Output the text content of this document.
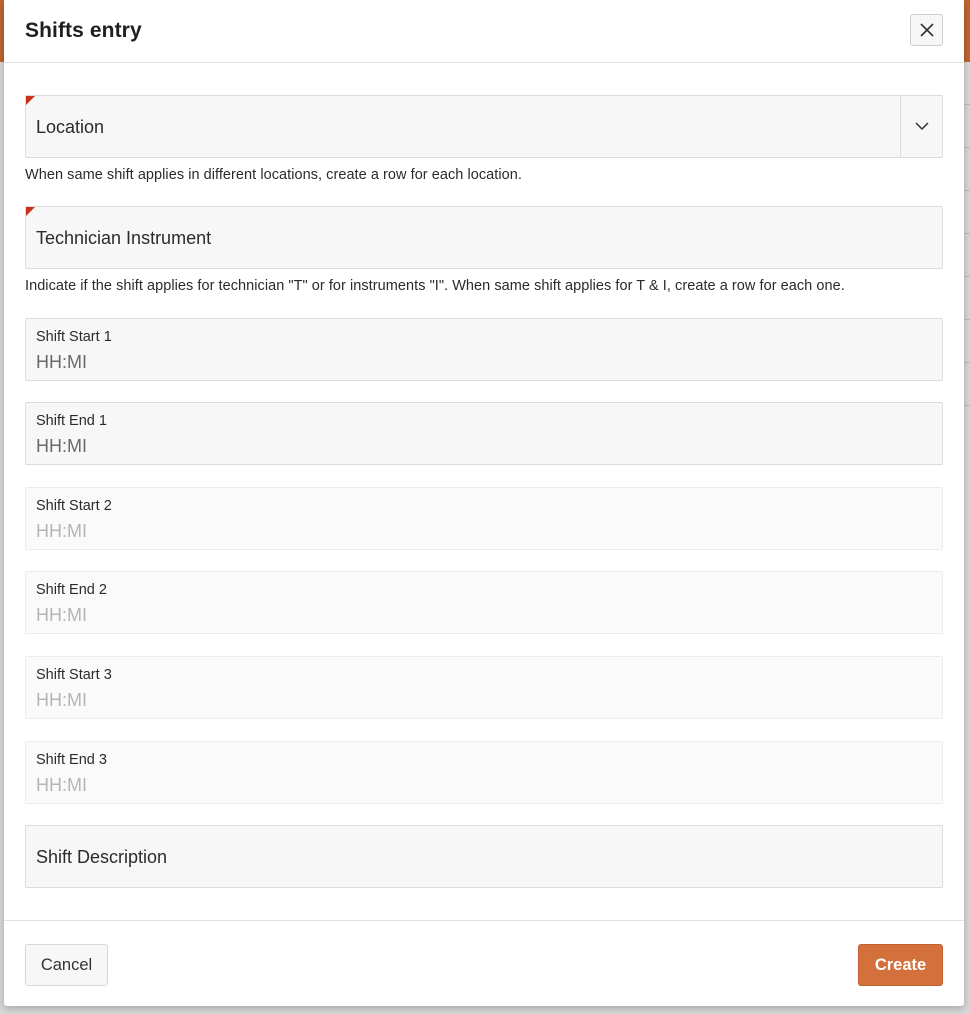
Shifts entry
Location
When same shift applies in different locations, create a row for each location.
Technician Instrument
Indicate if the shift applies for technician "T" or for instruments "I". When same shift applies for T & I, create a row for each one.
Shift Start 1
HH:MI
Shift End 1
HH:MI
Shift Start 2
HH:MI
Shift End 2
HH:MI
Shift Start 3
HH:MI
Shift End 3
HH:MI
Shift Description
Cancel	Create
